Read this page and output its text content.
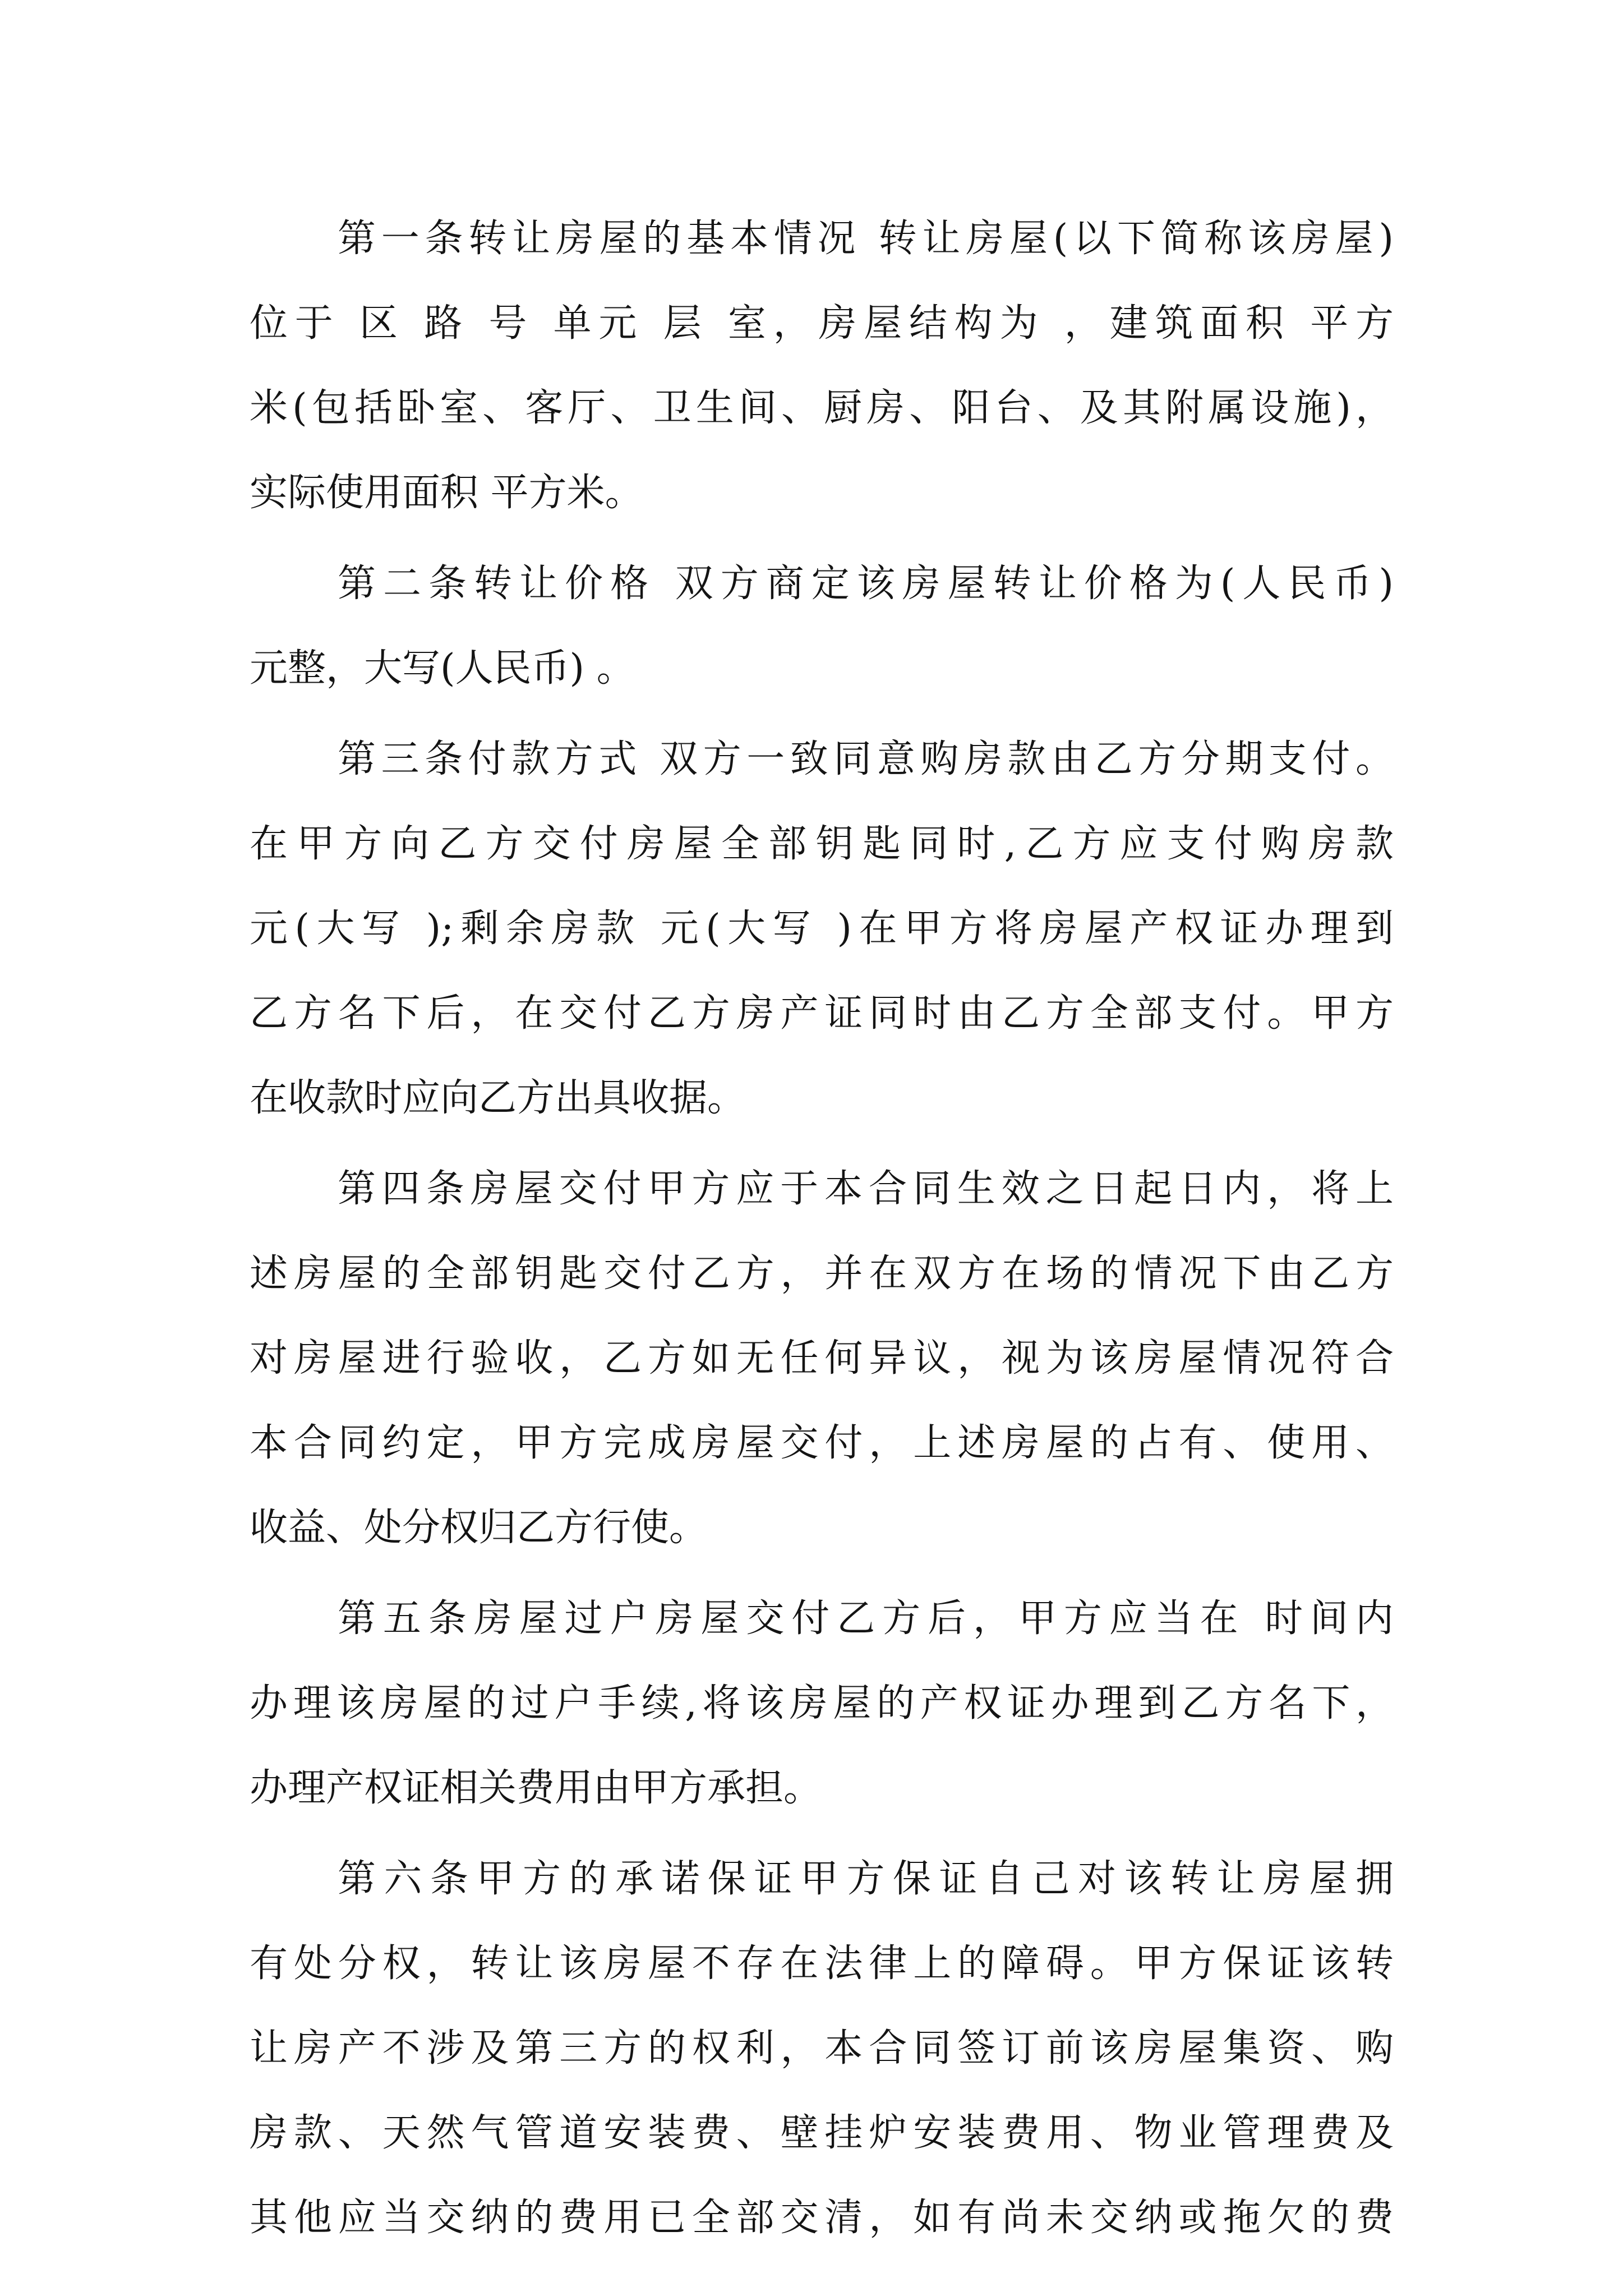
第一条转让房屋的基本情况 转让房屋(以下简称该房屋)
位于 区 路 号 单元 层 室，房屋结构为 ，建筑面积 平方
米(包括卧室、客厅、卫生间、厨房、阳台、及其附属设施)，
实际使用面积 平方米。
第二条转让价格 双方商定该房屋转让价格为(人民币)
元整，大写(人民币) 。
第三条付款方式 双方一致同意购房款由乙方分期支付。
在甲方向乙方交付房屋全部钥匙同时,乙方应支付购房款
元(大写 );剩余房款 元(大写 )在甲方将房屋产权证办理到
乙方名下后，在交付乙方房产证同时由乙方全部支付。甲方
在收款时应向乙方出具收据。
第四条房屋交付甲方应于本合同生效之日起日内，将上
述房屋的全部钥匙交付乙方，并在双方在场的情况下由乙方
对房屋进行验收，乙方如无任何异议，视为该房屋情况符合
本合同约定，甲方完成房屋交付，上述房屋的占有、使用、
收益、处分权归乙方行使。
第五条房屋过户房屋交付乙方后，甲方应当在 时间内
办理该房屋的过户手续,将该房屋的产权证办理到乙方名下，
办理产权证相关费用由甲方承担。
第六条甲方的承诺保证甲方保证自己对该转让房屋拥
有处分权，转让该房屋不存在法律上的障碍。甲方保证该转
让房产不涉及第三方的权利，本合同签订前该房屋集资、购
房款、天然气管道安装费、壁挂炉安装费用、物业管理费及
其他应当交纳的费用已全部交清，如有尚未交纳或拖欠的费
